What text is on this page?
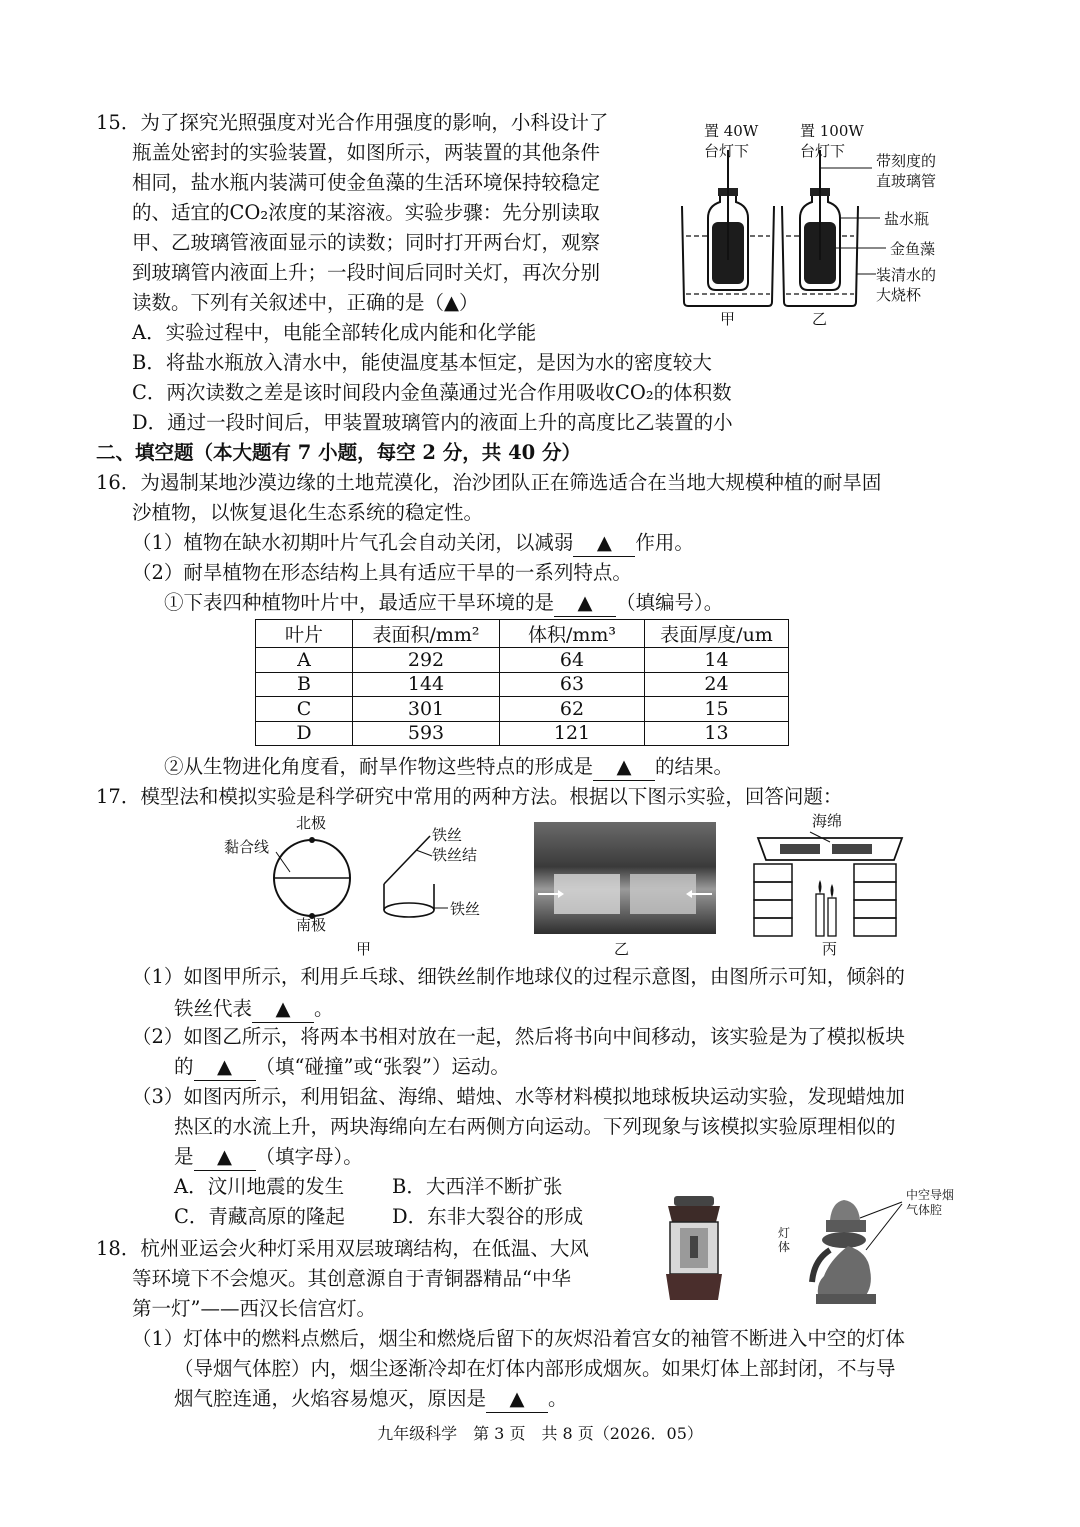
15．为了探究光照强度对光合作用强度的影响，小科设计了
瓶盖处密封的实验装置，如图所示，两装置的其他条件
相同，盐水瓶内装满可使金鱼藻的生活环境保持较稳定
的、适宜的CO₂浓度的某溶液。实验步骤：先分别读取
甲、乙玻璃管液面显示的读数；同时打开两台灯，观察
到玻璃管内液面上升；一段时间后同时关灯，再次分别
读数。下列有关叙述中，正确的是（▲）
A．实验过程中，电能全部转化成内能和化学能
B．将盐水瓶放入清水中，能使温度基本恒定，是因为水的密度较大
C．两次读数之差是该时间段内金鱼藻通过光合作用吸收CO₂的体积数
D．通过一段时间后，甲装置玻璃管内的液面上升的高度比乙装置的小
置 40W
台灯下
置 100W
台灯下
带刻度的
直玻璃管
盐水瓶
金鱼藻
装清水的
大烧杯
甲	乙
二、填空题（本大题有 7 小题，每空 2 分，共 40 分）
16．为遏制某地沙漠边缘的土地荒漠化，治沙团队正在筛选适合在当地大规模种植的耐旱固
沙植物，以恢复退化生态系统的稳定性。
（1）植物在缺水初期叶片气孔会自动关闭，以减弱 ▲ 作用。
（2）耐旱植物在形态结构上具有适应干旱的一系列特点。
①下表四种植物叶片中，最适应干旱环境的是 ▲ （填编号）。
叶片	表面积/mm²	体积/mm³	表面厚度/um
A	292	64	14
B	144	63	24
C	301	62	15
D	593	121	13
②从生物进化角度看，耐旱作物这些特点的形成是 ▲ 的结果。
17．模型法和模拟实验是科学研究中常用的两种方法。根据以下图示实验，回答问题：
北极
黏合线
南极
铁丝
铁丝结
铁丝
甲	乙
海绵
丙
（1）如图甲所示，利用乒乓球、细铁丝制作地球仪的过程示意图，由图所示可知，倾斜的
铁丝代表 ▲ 。
（2）如图乙所示，将两本书相对放在一起，然后将书向中间移动，该实验是为了模拟板块
的 ▲ （填“碰撞”或“张裂”）运动。
（3）如图丙所示，利用铝盆、海绵、蜡烛、水等材料模拟地球板块运动实验，发现蜡烛加
热区的水流上升，两块海绵向左右两侧方向运动。下列现象与该模拟实验原理相似的
是 ▲ （填字母）。
A．汶川地震的发生 B．大西洋不断扩张
C．青藏高原的隆起 D．东非大裂谷的形成
18．杭州亚运会火种灯采用双层玻璃结构，在低温、大风
等环境下不会熄灭。其创意源自于青铜器精品“中华
第一灯”——西汉长信宫灯。
中空导烟
气体腔
灯
体
（1）灯体中的燃料点燃后，烟尘和燃烧后留下的灰烬沿着宫女的袖管不断进入中空的灯体
（导烟气体腔）内，烟尘逐渐冷却在灯体内部形成烟灰。如果灯体上部封闭，不与导
烟气腔连通，火焰容易熄灭，原因是 ▲ 。
九年级科学　第 3 页　共 8 页（2026．05）
